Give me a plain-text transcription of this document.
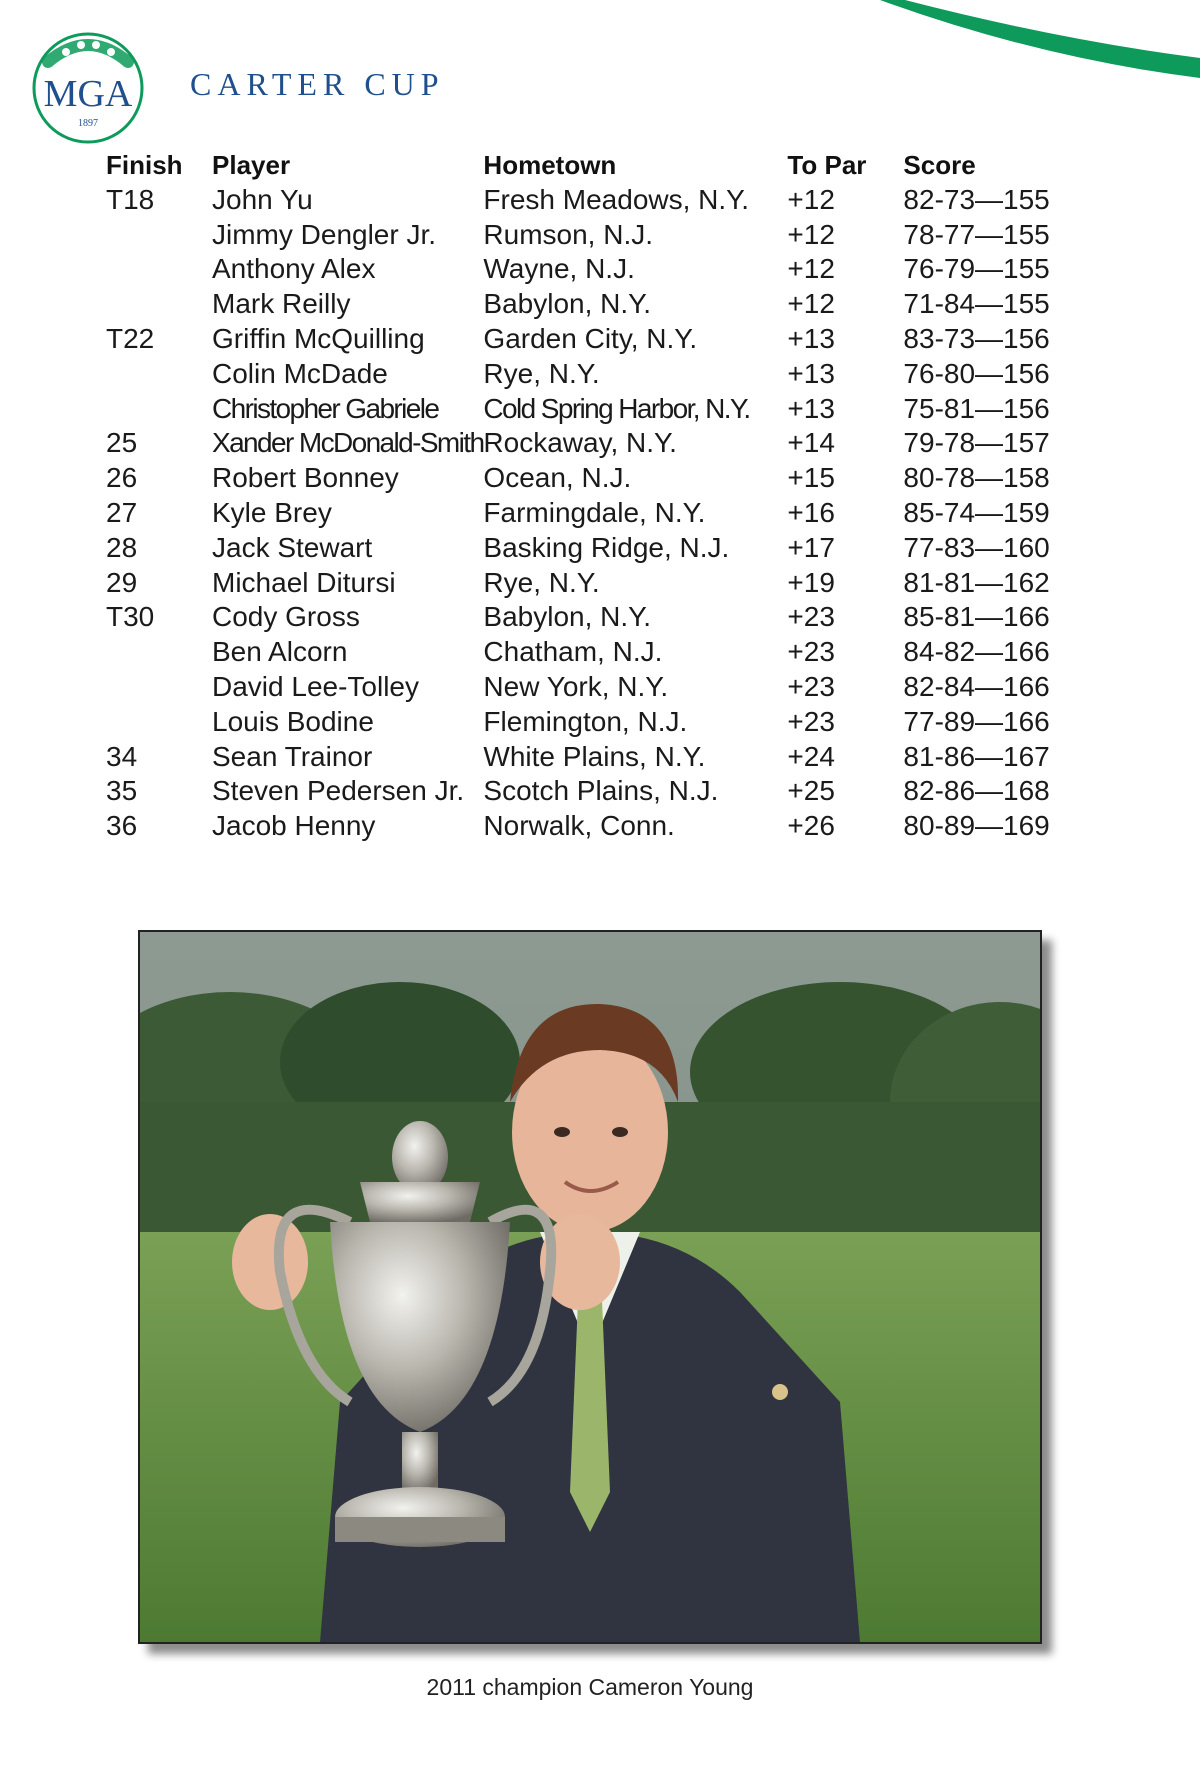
MGA
1897
CARTER CUP
Finish	Player	Hometown	To Par	Score
T18	John Yu	Fresh Meadows, N.Y.	+12	82-73—155
	Jimmy Dengler Jr.	Rumson, N.J.	+12	78-77—155
	Anthony Alex	Wayne, N.J.	+12	76-79—155
	Mark Reilly	Babylon, N.Y.	+12	71-84—155
T22	Griffin McQuilling	Garden City, N.Y.	+13	83-73—156
	Colin McDade	Rye, N.Y.	+13	76-80—156
	Christopher Gabriele	Cold Spring Harbor, N.Y.	+13	75-81—156
25	Xander McDonald-Smith	Rockaway, N.Y.	+14	79-78—157
26	Robert Bonney	Ocean, N.J.	+15	80-78—158
27	Kyle Brey	Farmingdale, N.Y.	+16	85-74—159
28	Jack Stewart	Basking Ridge, N.J.	+17	77-83—160
29	Michael Ditursi	Rye, N.Y.	+19	81-81—162
T30	Cody Gross	Babylon, N.Y.	+23	85-81—166
	Ben Alcorn	Chatham, N.J.	+23	84-82—166
	David Lee-Tolley	New York, N.Y.	+23	82-84—166
	Louis Bodine	Flemington, N.J.	+23	77-89—166
34	Sean Trainor	White Plains, N.Y.	+24	81-86—167
35	Steven Pedersen Jr.	Scotch Plains, N.J.	+25	82-86—168
36	Jacob Henny	Norwalk, Conn.	+26	80-89—169
2011 champion Cameron Young
